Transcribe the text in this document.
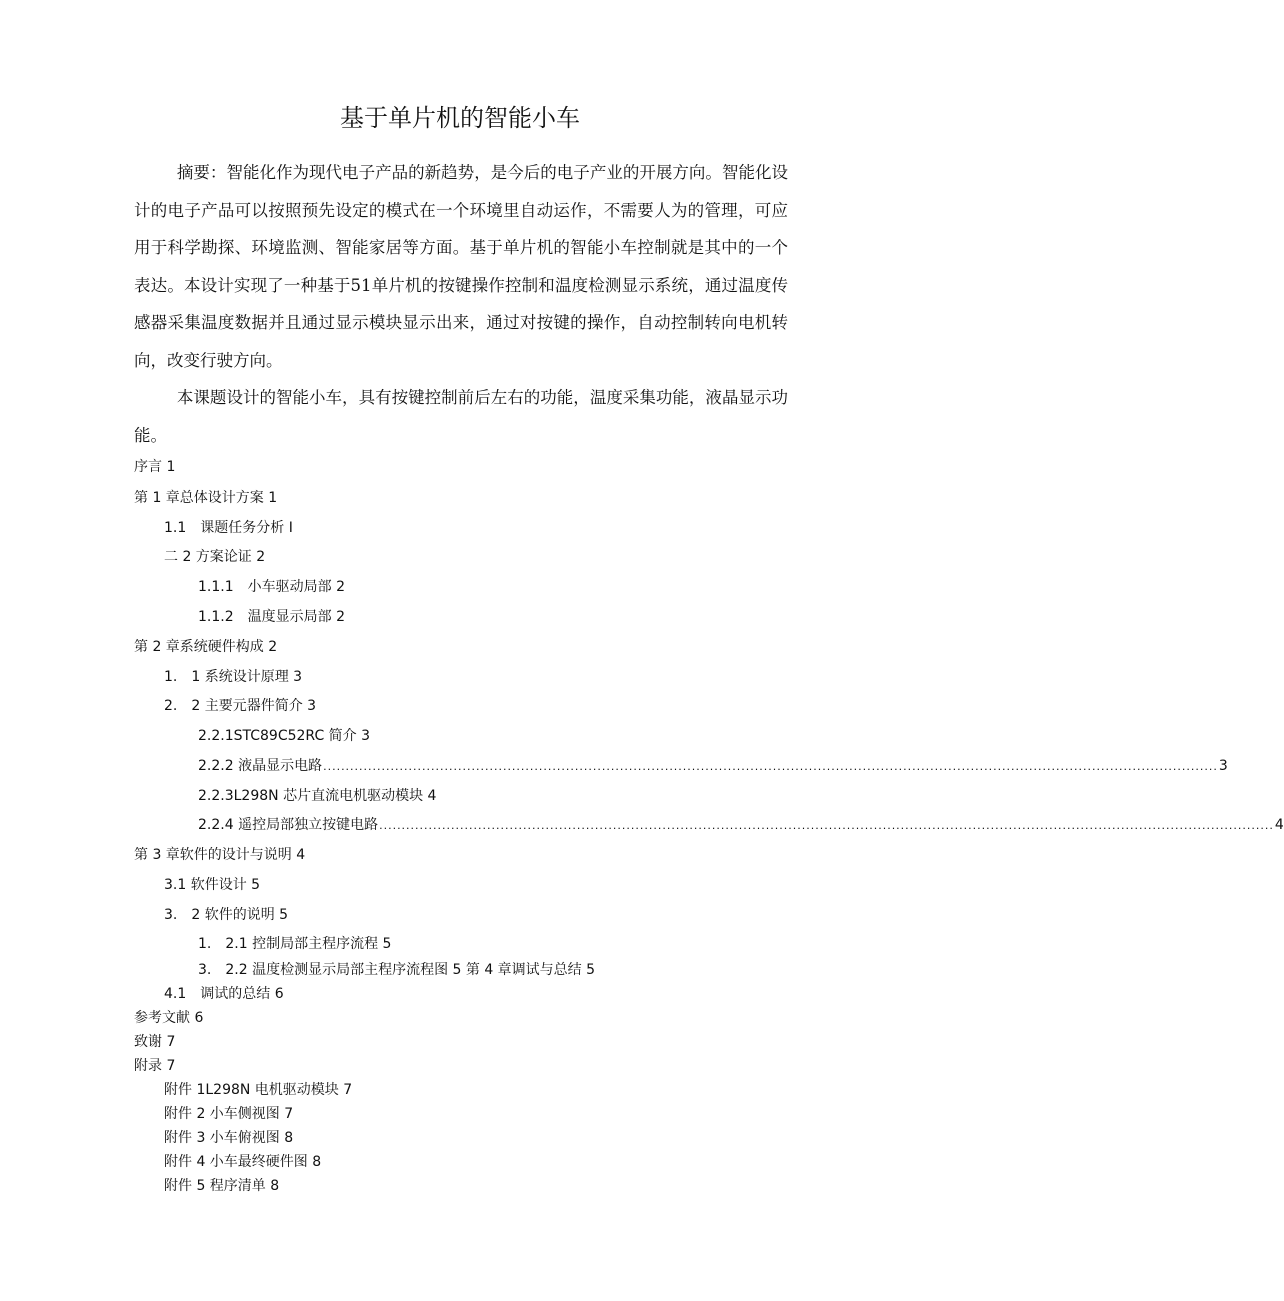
基于单片机的智能小车
摘要：智能化作为现代电子产品的新趋势，是今后的电子产业的开展方向。智能化设计的电子产品可以按照预先设定的模式在一个环境里自动运作，不需要人为的管理，可应用于科学勘探、环境监测、智能家居等方面。基于单片机的智能小车控制就是其中的一个表达。本设计实现了一种基于51单片机的按键操作控制和温度检测显示系统，通过温度传感器采集温度数据并且通过显示模块显示出来，通过对按键的操作，自动控制转向电机转向，改变行驶方向。
本课题设计的智能小车，具有按键控制前后左右的功能，温度采集功能，液晶显示功能。
序言 1
第 1 章总体设计方案 1
1.1　课题任务分析 I
二 2 方案论证 2
1.1.1　小车驱动局部 2
1.1.2　温度显示局部 2
第 2 章系统硬件构成 2
1.　1 系统设计原理 3
2.　2 主要元器件简介 3
2.2.1STC89C52RC 简介 3
2.2.2 液晶显示电路 ....................................................................................................................................................................................................... 3
2.2.3L298N 芯片直流电机驱动模块 4
2.2.4 遥控局部独立按键电路 ....................................................................................................................................................................................................... 4
第 3 章软件的设计与说明 4
3.1 软件设计 5
3.　2 软件的说明 5
1.　2.1 控制局部主程序流程 5
3.　2.2 温度检测显示局部主程序流程图 5 第 4 章调试与总结 5
4.1　调试的总结 6
参考文献 6
致谢 7
附录 7
附件 1L298N 电机驱动模块 7
附件 2 小车侧视图 7
附件 3 小车俯视图 8
附件 4 小车最终硬件图 8
附件 5 程序清单 8
